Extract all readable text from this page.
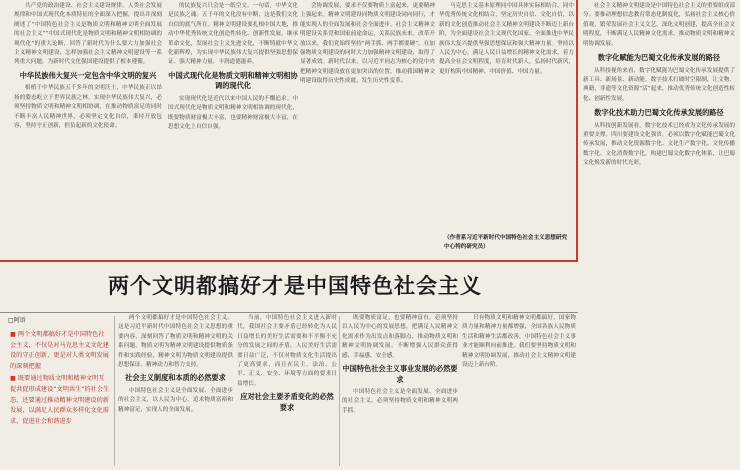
共产党的政治建设、社会主义建设规律，人类社会发展规律和中国式现代化本质特征的全面深入把握，提出并深刻阐述了“中国特色社会主义是物质文明和精神文明全面发展的社会主义”“中国式现代化是物质文明和精神文明相协调的现代化”的重大论断，回答了新时代为什么要大力加强社会主义精神文明建设、怎样加强社会主义精神文明建设等一系列重大问题，为新时代文化强国建设提供了根本遵循。

中华民族伟大复兴一定包含中华文明的复兴

根植于中华民族五千多年的文明沃土，中华民族正以昂扬的姿态屹立于世界民族之林。实现中华民族伟大复兴，必须坚持物质文明和精神文明相协调，在推动物质富足的同时不断丰富人民精神世界，必须坚定文化自信，秉持开放包容，坚持守正创新，担负起新的文化使命。

的民族复兴只会是一纸空文。一句话，中华文化是民族之魂。五千年的文化没有中断，这是我们文化自信的底气所在。精神文明建设要扎根中国大地，推动中华优秀传统文化创造性转化、创新性发展，继承革命文化，发展社会主义先进文化，不断铸就中华文化新辉煌，为实现中华民族伟大复兴提供坚强思想保证、强大精神力量、丰润道德滋养。

中国式现代化是物质文明和精神文明相协调的现代化

实现现代化是近代以来中国人民的不懈追求。中国式现代化是物质文明和精神文明相协调的现代化，既要物质财富极大丰富，也要精神财富极大丰富，在思想文化上自信自强。

会协调发展，要求不仅要物质上富起来，更要精神上强起来。精神文明建设同物质文明建设同向同行，才能实现人的全面发展和社会全面进步。社会主义精神文明建设关系党和国家前途命运，关系民族未来。改革开放以来，我们党始终坚持“两手抓、两手都要硬”，在加强物质文明建设的同时大力加强精神文明建设，取得了显著成效。新时代以来，以习近平同志为核心的党中央把精神文明建设放在更加突出的位置，推动我国精神文明建设取得历史性成就、发生历史性变革。

马克思主义基本原理同中国具体实际相结合、同中华优秀传统文化相结合，坚定历史自信、文化自信，以新的文化创造推动社会主义精神文明建设不断迈上新台阶，为全面建设社会主义现代化国家、全面推进中华民族伟大复兴提供坚强思想保证和强大精神力量。坚持以人民为中心，满足人民日益增长的精神文化需求，着力提高全社会文明程度，培育时代新人，弘扬时代新风，更好构筑中国精神、中国价值、中国力量。

（作者系习近平新时代中国特色社会主义思想研究中心特约研究员）

社会主义精神文明建设是中国特色社会主义的重要组成部分。要推动理想信念教育常态化制度化，弘扬社会主义核心价值观，繁荣发展社会主义文艺，深化文明创建，提高全社会文明程度，不断满足人民精神文化需求，推动物质文明和精神文明协调发展。

数字化赋能为巴蜀文化传承发展的路径

从科技视角来看，数字化赋能为巴蜀文化传承发展提供了新工具、新场景、新动能。数字技术打破时空限制，让文物、典籍、非遗等文化资源“活”起来，推动优秀传统文化创造性转化、创新性发展。

数字化技术助力巴蜀文化传承发展的路径

从科技创新发展看，数字化技术已经成为文化传承发展的重要支撑。四川要建设文化强省，必须以数字化赋能巴蜀文化传承发展，推动文化资源数字化、文化生产数字化、文化传播数字化、文化消费数字化，构建巴蜀文化数字化体系，让巴蜀文化焕发新的时代光彩。

两个文明都搞好才是中国特色社会主义
□阿语
■ 两个文明都搞好才是中国特色社会主义，不仅是对马克思主义文化建设的守正创新，更是对人类文明发展的深刻把握
■ 既要通过物质文明和精神文明互促共促形成建设“文明共生”的社会生态，还要通过推动精神文明建设的新发展，以满足人民群众多样化文化需求，促进社会和谐进步

两个文明都搞好才是中国特色社会主义。这是习近平新时代中国特色社会主义思想的重要内容，深刻回答了物质文明和精神文明的关系问题。物质文明为精神文明建设提供物质条件和实践经验，精神文明为物质文明建设提供思想保证、精神动力和智力支持。

社会主义制度和本质的必然要求

中国特色社会主义是全面发展、全面进步的社会主义，以人民为中心，追求物质富裕和精神富足，实现人的全面发展。

当前，中国特色社会主义进入新时代，我国社会主要矛盾已经转化为人民日益增长的美好生活需要和不平衡不充分的发展之间的矛盾。人民美好生活需要日益广泛，不仅对物质文化生活提出了更高要求，而且在民主、法治、公平、正义、安全、环境等方面的要求日益增长。

应对社会主要矛盾变化的必然要求

既要物质富足，也要精神富有。必须坚持以人民为中心的发展思想，把满足人民精神文化需求作为出发点和落脚点，推动物质文明和精神文明协调发展，不断增强人民群众获得感、幸福感、安全感。

中国特色社会主义事业发展的必然要求

中国特色社会主义是全面发展、全面进步的社会主义，必须坚持物质文明和精神文明两手抓。

只有物质文明和精神文明都搞好，国家物质力量和精神力量都增强，全国各族人民物质生活和精神生活都改善，中国特色社会主义事业才能顺利向前推进。我们要坚持物质文明和精神文明协调发展，推动社会主义精神文明建设迈上新台阶。
